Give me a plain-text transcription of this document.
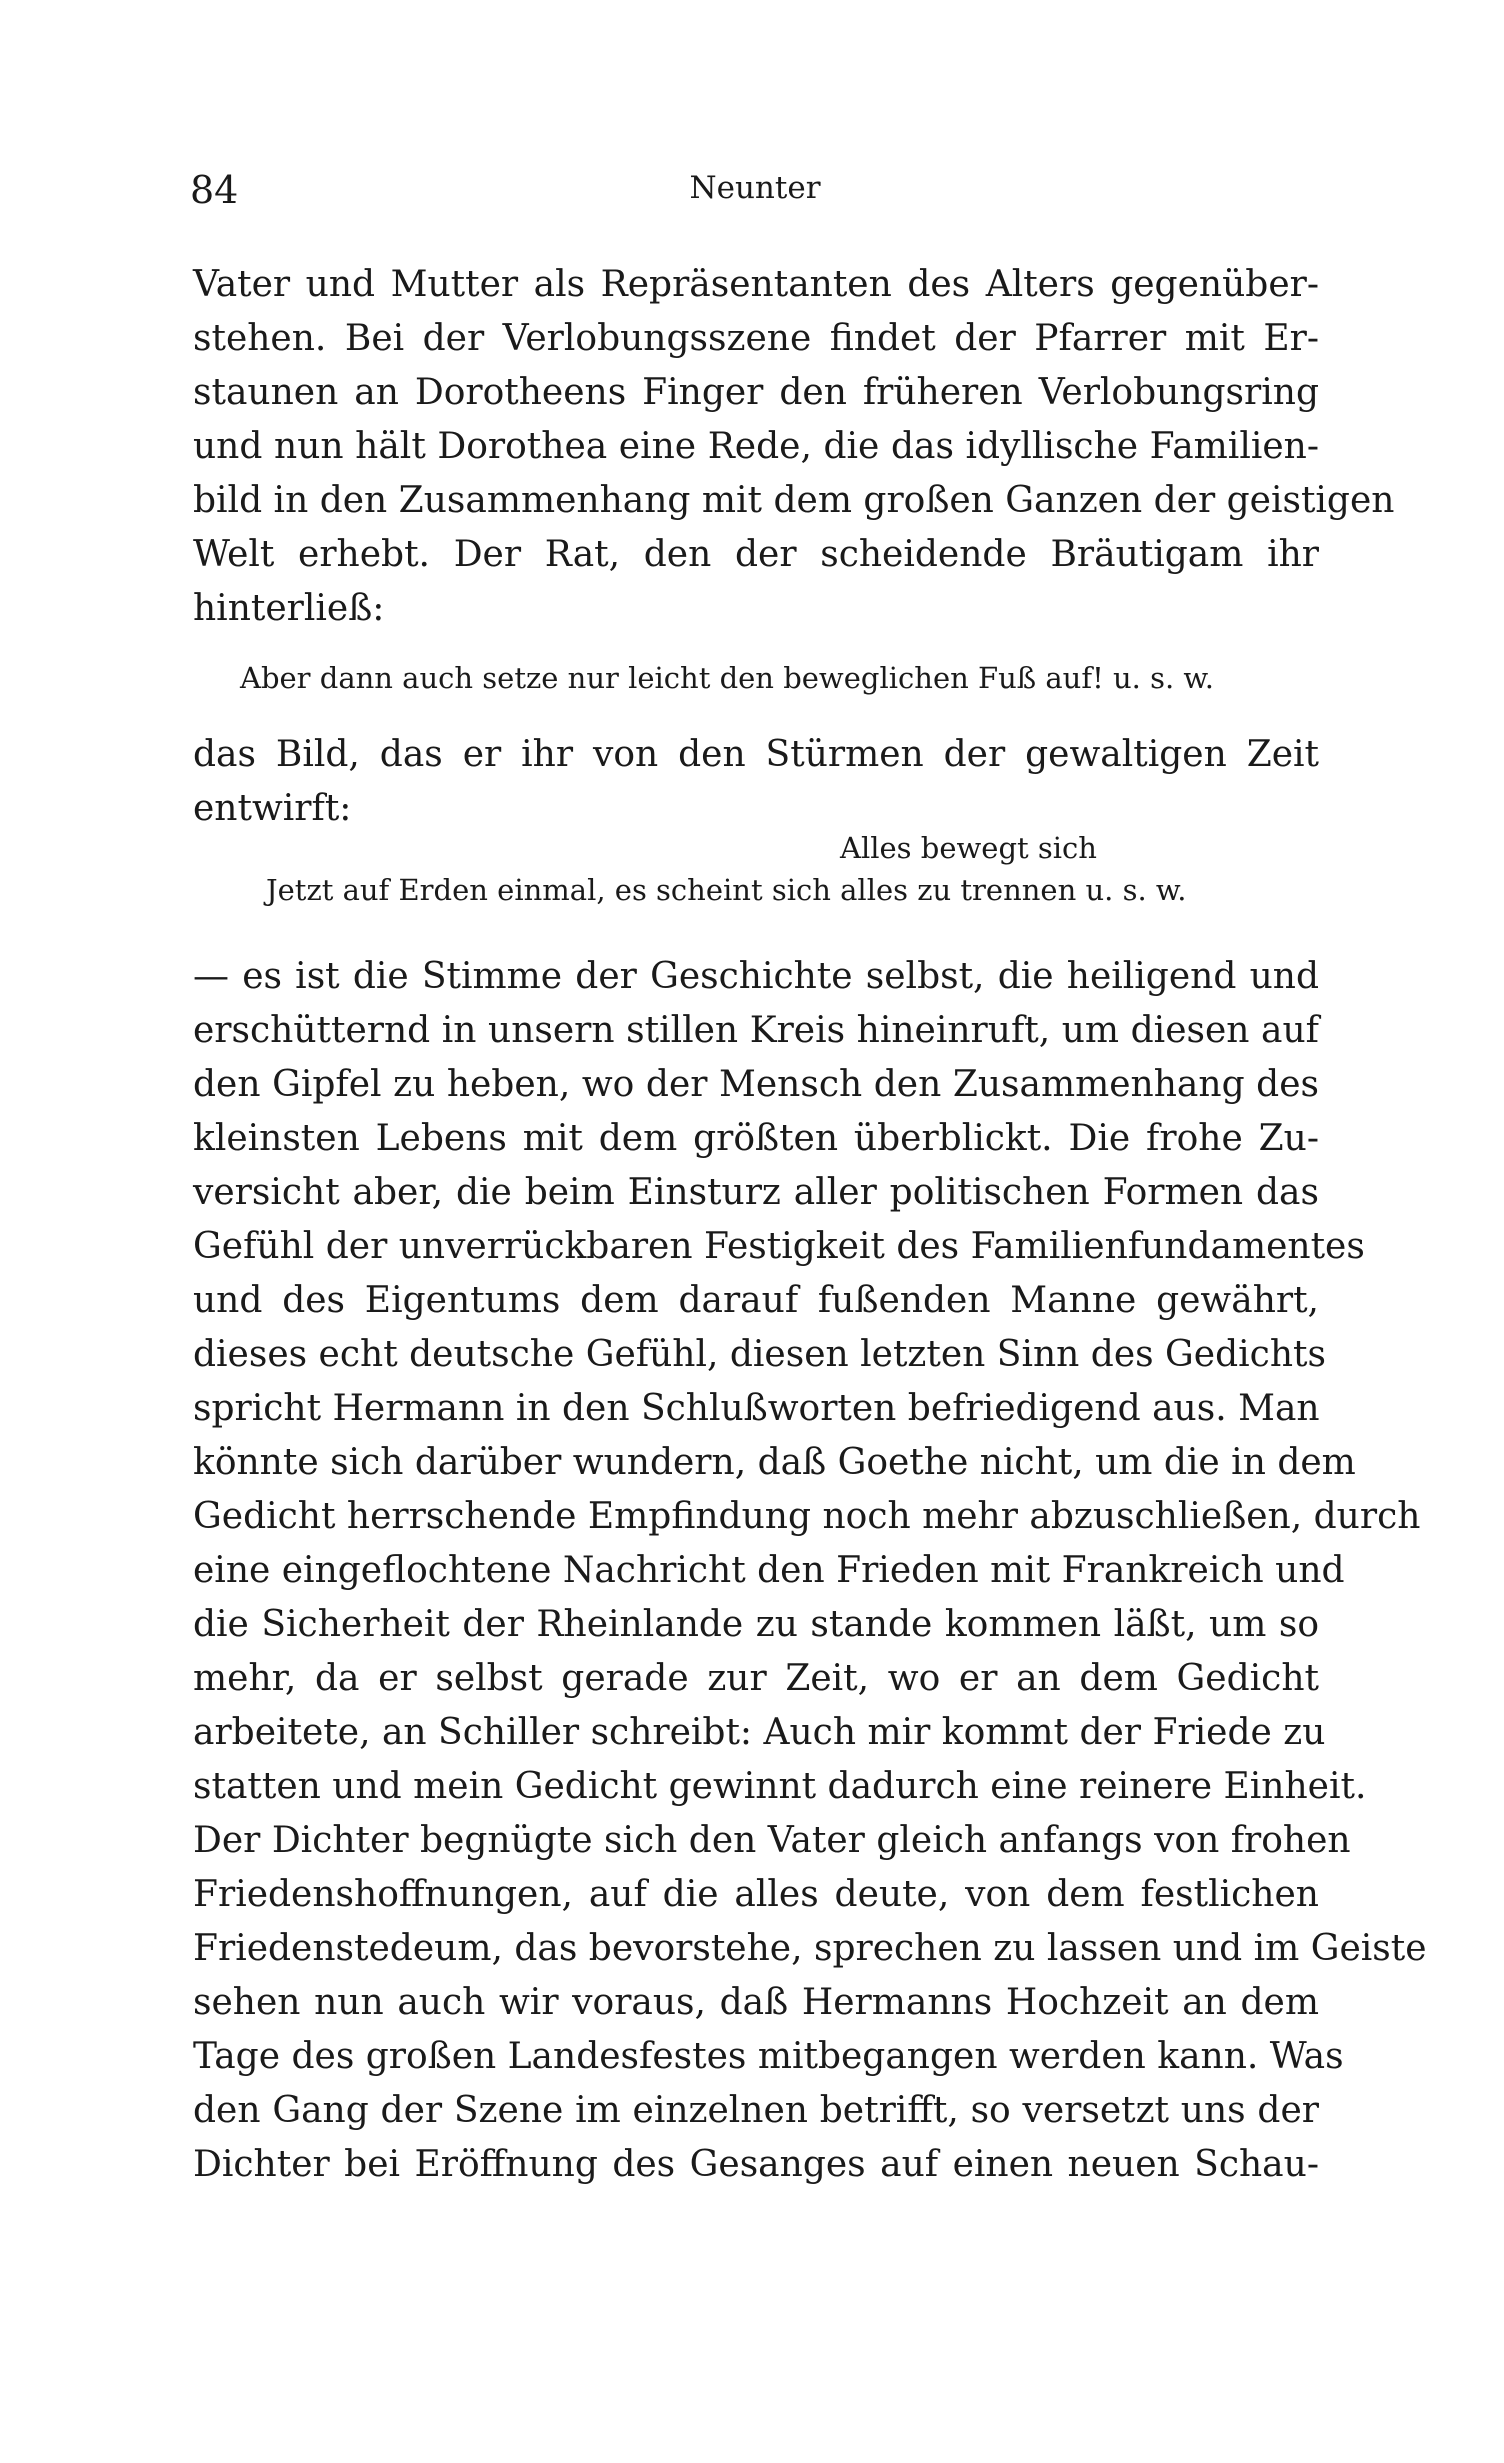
84	Neunter
Vater und Mutter als Repräsentanten des Alters gegenüber-
stehen. Bei der Verlobungsszene findet der Pfarrer mit Er-
staunen an Dorotheens Finger den früheren Verlobungsring
und nun hält Dorothea eine Rede, die das idyllische Familien-
bild in den Zusammenhang mit dem großen Ganzen der geistigen
Welt erhebt. Der Rat, den der scheidende Bräutigam ihr
hinterließ:
Aber dann auch setze nur leicht den beweglichen Fuß auf! u. s. w.
das Bild, das er ihr von den Stürmen der gewaltigen Zeit
entwirft:
Alles bewegt sich
Jetzt auf Erden einmal, es scheint sich alles zu trennen u. s. w.
— es ist die Stimme der Geschichte selbst, die heiligend und
erschütternd in unsern stillen Kreis hineinruft, um diesen auf
den Gipfel zu heben, wo der Mensch den Zusammenhang des
kleinsten Lebens mit dem größten überblickt. Die frohe Zu-
versicht aber, die beim Einsturz aller politischen Formen das
Gefühl der unverrückbaren Festigkeit des Familienfundamentes
und des Eigentums dem darauf fußenden Manne gewährt,
dieses echt deutsche Gefühl, diesen letzten Sinn des Gedichts
spricht Hermann in den Schlußworten befriedigend aus. Man
könnte sich darüber wundern, daß Goethe nicht, um die in dem
Gedicht herrschende Empfindung noch mehr abzuschließen, durch
eine eingeflochtene Nachricht den Frieden mit Frankreich und
die Sicherheit der Rheinlande zu stande kommen läßt, um so
mehr, da er selbst gerade zur Zeit, wo er an dem Gedicht
arbeitete, an Schiller schreibt: Auch mir kommt der Friede zu
statten und mein Gedicht gewinnt dadurch eine reinere Einheit.
Der Dichter begnügte sich den Vater gleich anfangs von frohen
Friedenshoffnungen, auf die alles deute, von dem festlichen
Friedenstedeum, das bevorstehe, sprechen zu lassen und im Geiste
sehen nun auch wir voraus, daß Hermanns Hochzeit an dem
Tage des großen Landesfestes mitbegangen werden kann. Was
den Gang der Szene im einzelnen betrifft, so versetzt uns der
Dichter bei Eröffnung des Gesanges auf einen neuen Schau-
